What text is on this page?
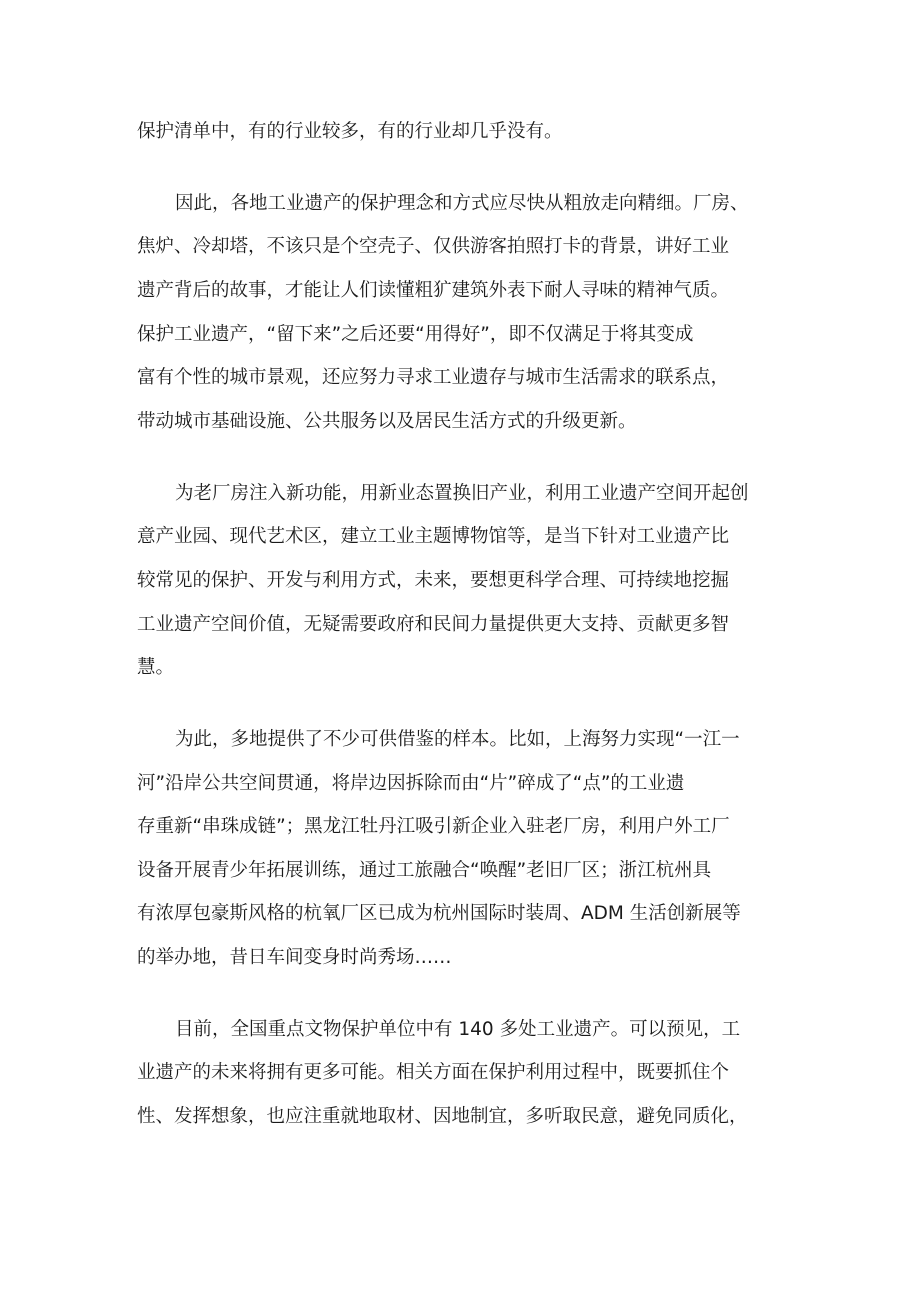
保护清单中，有的行业较多，有的行业却几乎没有。
因此，各地工业遗产的保护理念和方式应尽快从粗放走向精细。厂房、
焦炉、冷却塔，不该只是个空壳子、仅供游客拍照打卡的背景，讲好工业
遗产背后的故事，才能让人们读懂粗犷建筑外表下耐人寻味的精神气质。
保护工业遗产，“留下来”之后还要“用得好”，即不仅满足于将其变成
富有个性的城市景观，还应努力寻求工业遗存与城市生活需求的联系点，
带动城市基础设施、公共服务以及居民生活方式的升级更新。
为老厂房注入新功能，用新业态置换旧产业，利用工业遗产空间开起创
意产业园、现代艺术区，建立工业主题博物馆等，是当下针对工业遗产比
较常见的保护、开发与利用方式，未来，要想更科学合理、可持续地挖掘
工业遗产空间价值，无疑需要政府和民间力量提供更大支持、贡献更多智
慧。
为此，多地提供了不少可供借鉴的样本。比如，上海努力实现“一江一
河”沿岸公共空间贯通，将岸边因拆除而由“片”碎成了“点”的工业遗
存重新“串珠成链”；黑龙江牡丹江吸引新企业入驻老厂房，利用户外工厂
设备开展青少年拓展训练，通过工旅融合“唤醒”老旧厂区；浙江杭州具
有浓厚包豪斯风格的杭氧厂区已成为杭州国际时装周、ADM 生活创新展等
的举办地，昔日车间变身时尚秀场……
目前，全国重点文物保护单位中有 140 多处工业遗产。可以预见，工
业遗产的未来将拥有更多可能。相关方面在保护利用过程中，既要抓住个
性、发挥想象，也应注重就地取材、因地制宜，多听取民意，避免同质化，
